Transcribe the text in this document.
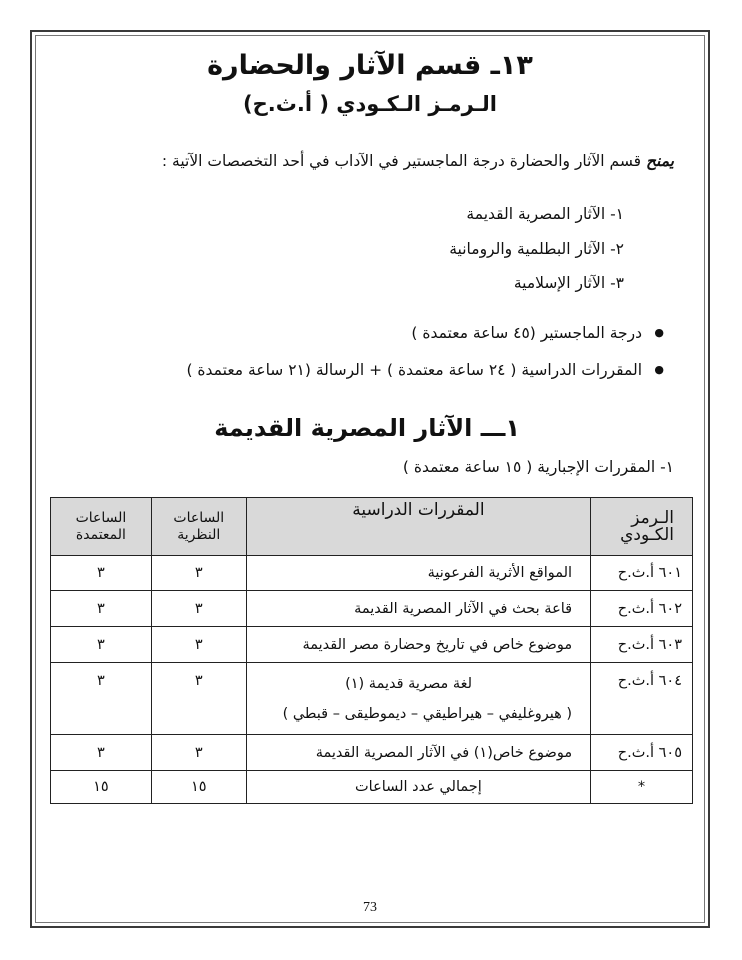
١٣ـ قسم الآثار والحضارة
الـرمـز الـكـودي ( أ.ث.ح)
يمنح قسم الآثار والحضارة درجة الماجستير في الآداب في أحد التخصصات الآتية :
١- الآثار المصرية القديمة
٢- الآثار البطلمية والرومانية
٣- الآثار الإسلامية
● درجة الماجستير (٤٥ ساعة معتمدة )
● المقررات الدراسية ( ٢٤ ساعة معتمدة ) + الرسالة (٢١ ساعة معتمدة )
١ـــ الآثار المصرية القديمة
١- المقررات الإجبارية ( ١٥ ساعة معتمدة )
الـرمز الكـودي	المقررات الدراسية	الساعات النظرية	الساعات المعتمدة
٦٠١ أ.ث.ح	المواقع الأثرية الفرعونية	٣	٣
٦٠٢ أ.ث.ح	قاعة بحث في الآثار المصرية القديمة	٣	٣
٦٠٣ أ.ث.ح	موضوع خاص في تاريخ وحضارة مصر القديمة	٣	٣
٦٠٤ أ.ث.ح	لغة مصرية قديمة (١)
( هيروغليفي – هيراطيقي – ديموطيقى – قبطي )	٣	٣
٦٠٥ أ.ث.ح	موضوع خاص(١) في الآثار المصرية القديمة	٣	٣
*	إجمالي عدد الساعات	١٥	١٥
73
